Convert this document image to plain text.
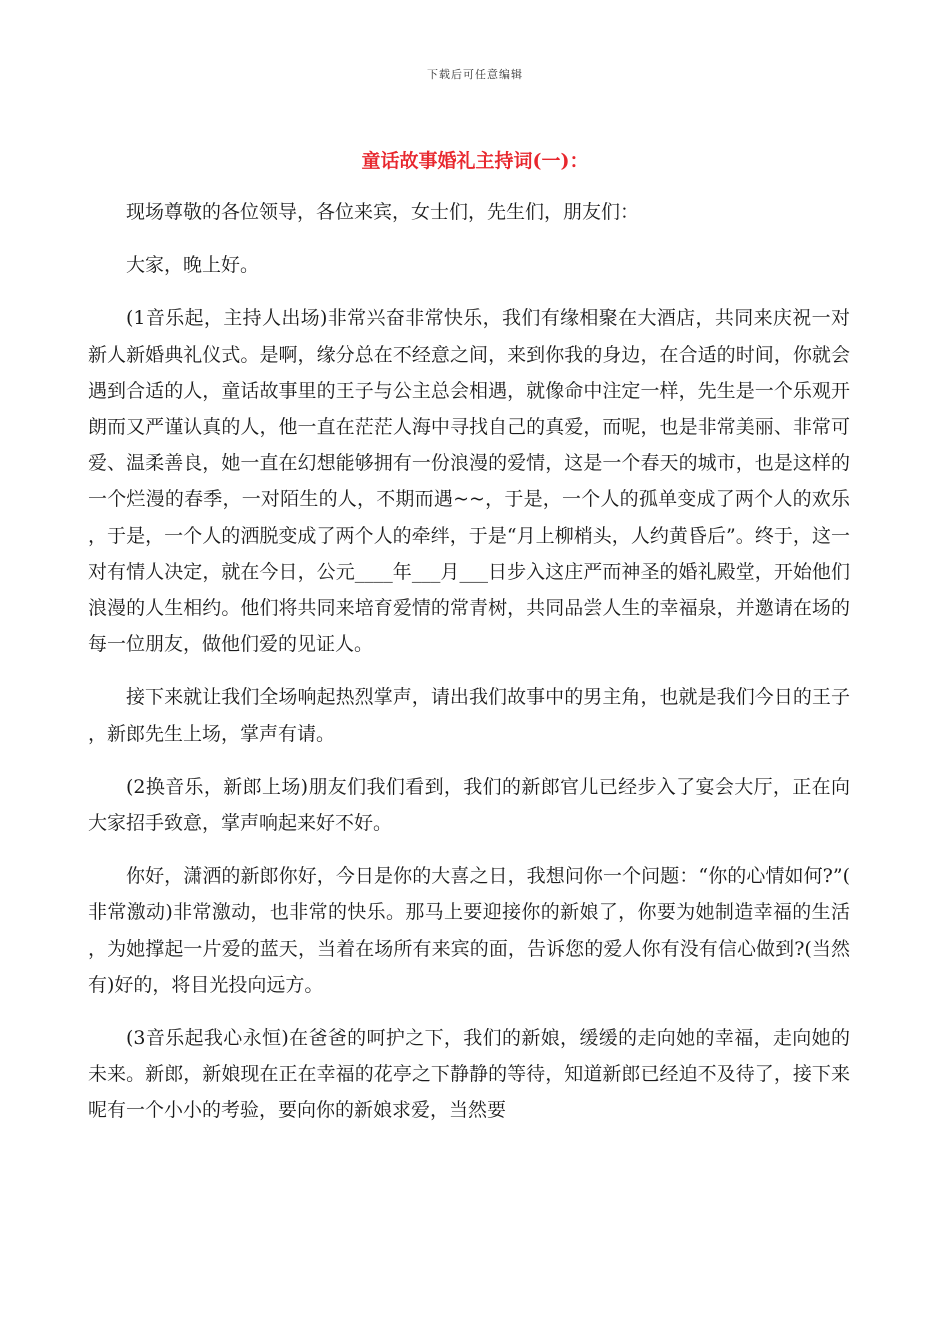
下载后可任意编辑
童话故事婚礼主持词(一)：

现场尊敬的各位领导，各位来宾，女士们，先生们，朋友们：

大家，晚上好。

(1音乐起，主持人出场)非常兴奋非常快乐，我们有缘相聚在大酒店，共同来庆祝一对新人新婚典礼仪式。是啊，缘分总在不经意之间，来到你我的身边，在合适的时间，你就会遇到合适的人，童话故事里的王子与公主总会相遇，就像命中注定一样，先生是一个乐观开朗而又严谨认真的人，他一直在茫茫人海中寻找自己的真爱，而呢，也是非常美丽、非常可爱、温柔善良，她一直在幻想能够拥有一份浪漫的爱情，这是一个春天的城市，也是这样的一个烂漫的春季，一对陌生的人，不期而遇~~，于是，一个人的孤单变成了两个人的欢乐，于是，一个人的洒脱变成了两个人的牵绊，于是“月上柳梢头，人约黄昏后”。终于，这一对有情人决定，就在今日，公元____年___月___日步入这庄严而神圣的婚礼殿堂，开始他们浪漫的人生相约。他们将共同来培育爱情的常青树，共同品尝人生的幸福泉，并邀请在场的每一位朋友，做他们爱的见证人。

接下来就让我们全场响起热烈掌声，请出我们故事中的男主角，也就是我们今日的王子，新郎先生上场，掌声有请。

(2换音乐，新郎上场)朋友们我们看到，我们的新郎官儿已经步入了宴会大厅，正在向大家招手致意，掌声响起来好不好。

你好，潇洒的新郎你好，今日是你的大喜之日，我想问你一个问题：“你的心情如何?”(非常激动)非常激动，也非常的快乐。那马上要迎接你的新娘了，你要为她制造幸福的生活，为她撑起一片爱的蓝天，当着在场所有来宾的面，告诉您的爱人你有没有信心做到?(当然有)好的，将目光投向远方。

(3音乐起我心永恒)在爸爸的呵护之下，我们的新娘，缓缓的走向她的幸福，走向她的未来。新郎，新娘现在正在幸福的花亭之下静静的等待，知道新郎已经迫不及待了，接下来呢有一个小小的考验，要向你的新娘求爱，当然要
